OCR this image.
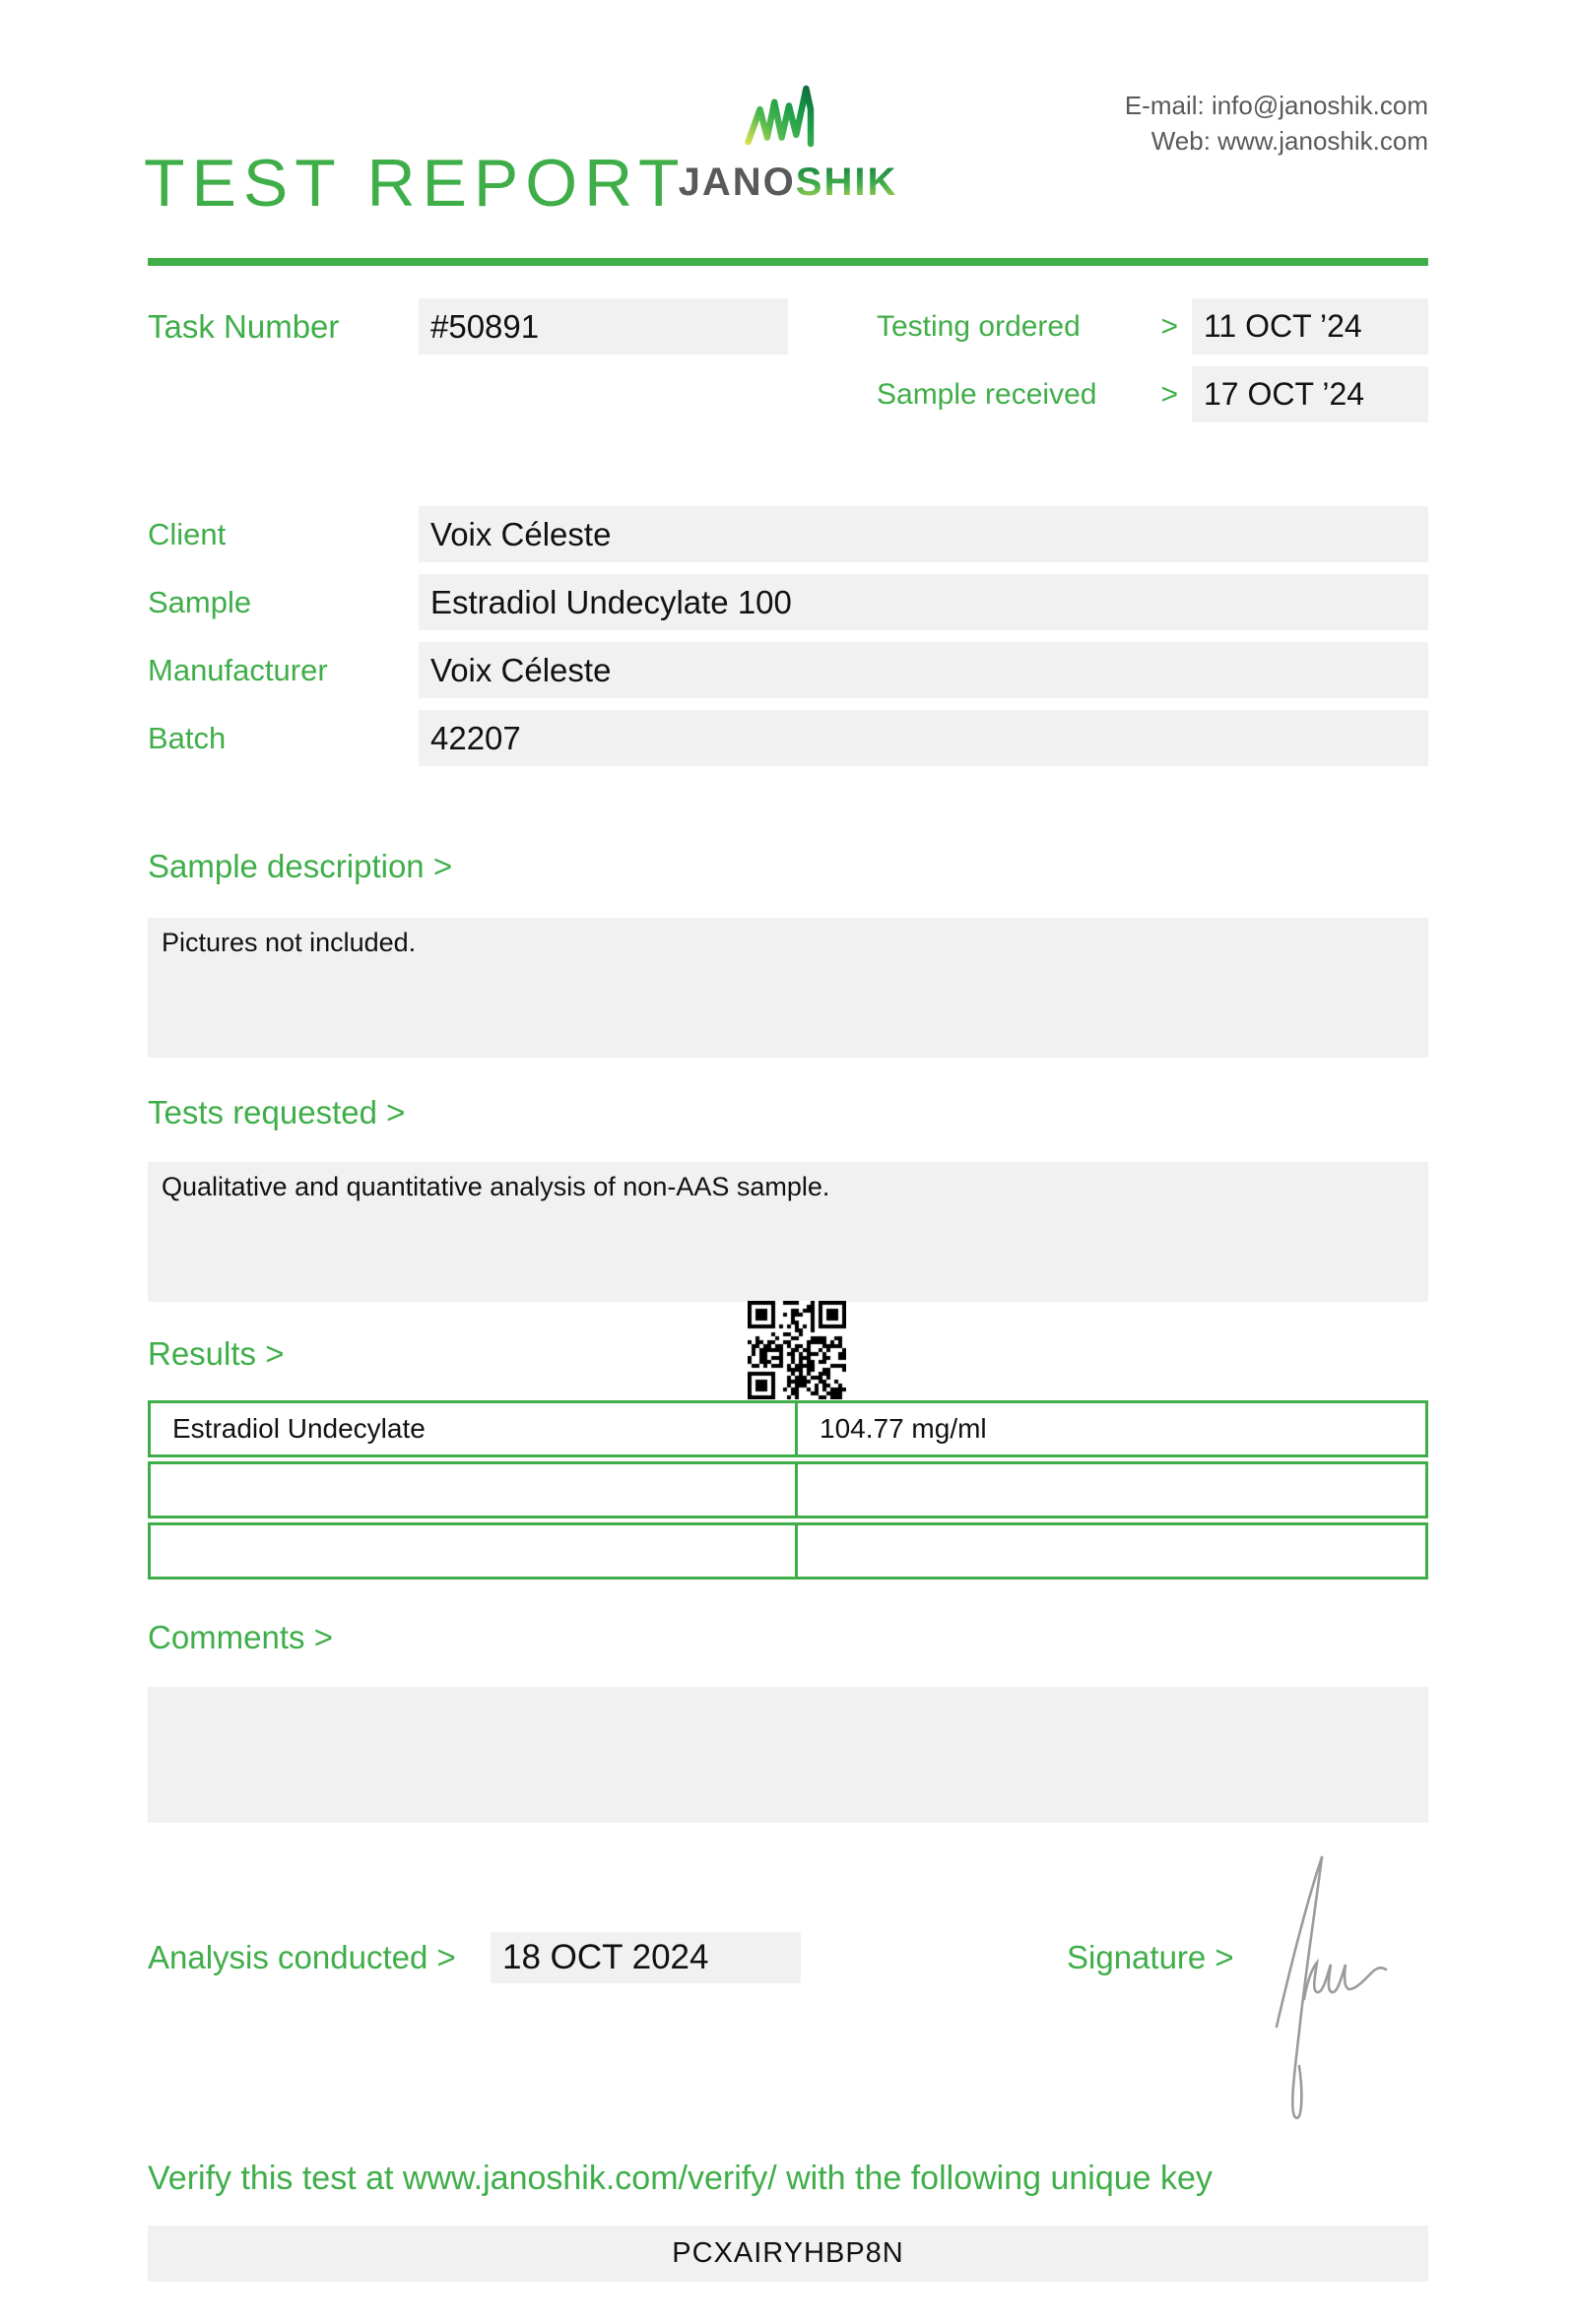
TEST REPORT
JANOSHIK
E-mail: info@janoshik.com
Web: www.janoshik.com
Task Number	#50891	Testing ordered	> 11 OCT ’24
Sample received	> 17 OCT ’24
Client	Voix Céleste
Sample	Estradiol Undecylate 100
Manufacturer	Voix Céleste
Batch	42207
Sample description >
Pictures not included.
Tests requested >
Qualitative and quantitative analysis of non-AAS sample.
Results >
Estradiol Undecylate	104.77 mg/ml
Comments >
Analysis conducted >	18 OCT 2024	Signature >
Verify this test at www.janoshik.com/verify/ with the following unique key
PCXAIRYHBP8N
